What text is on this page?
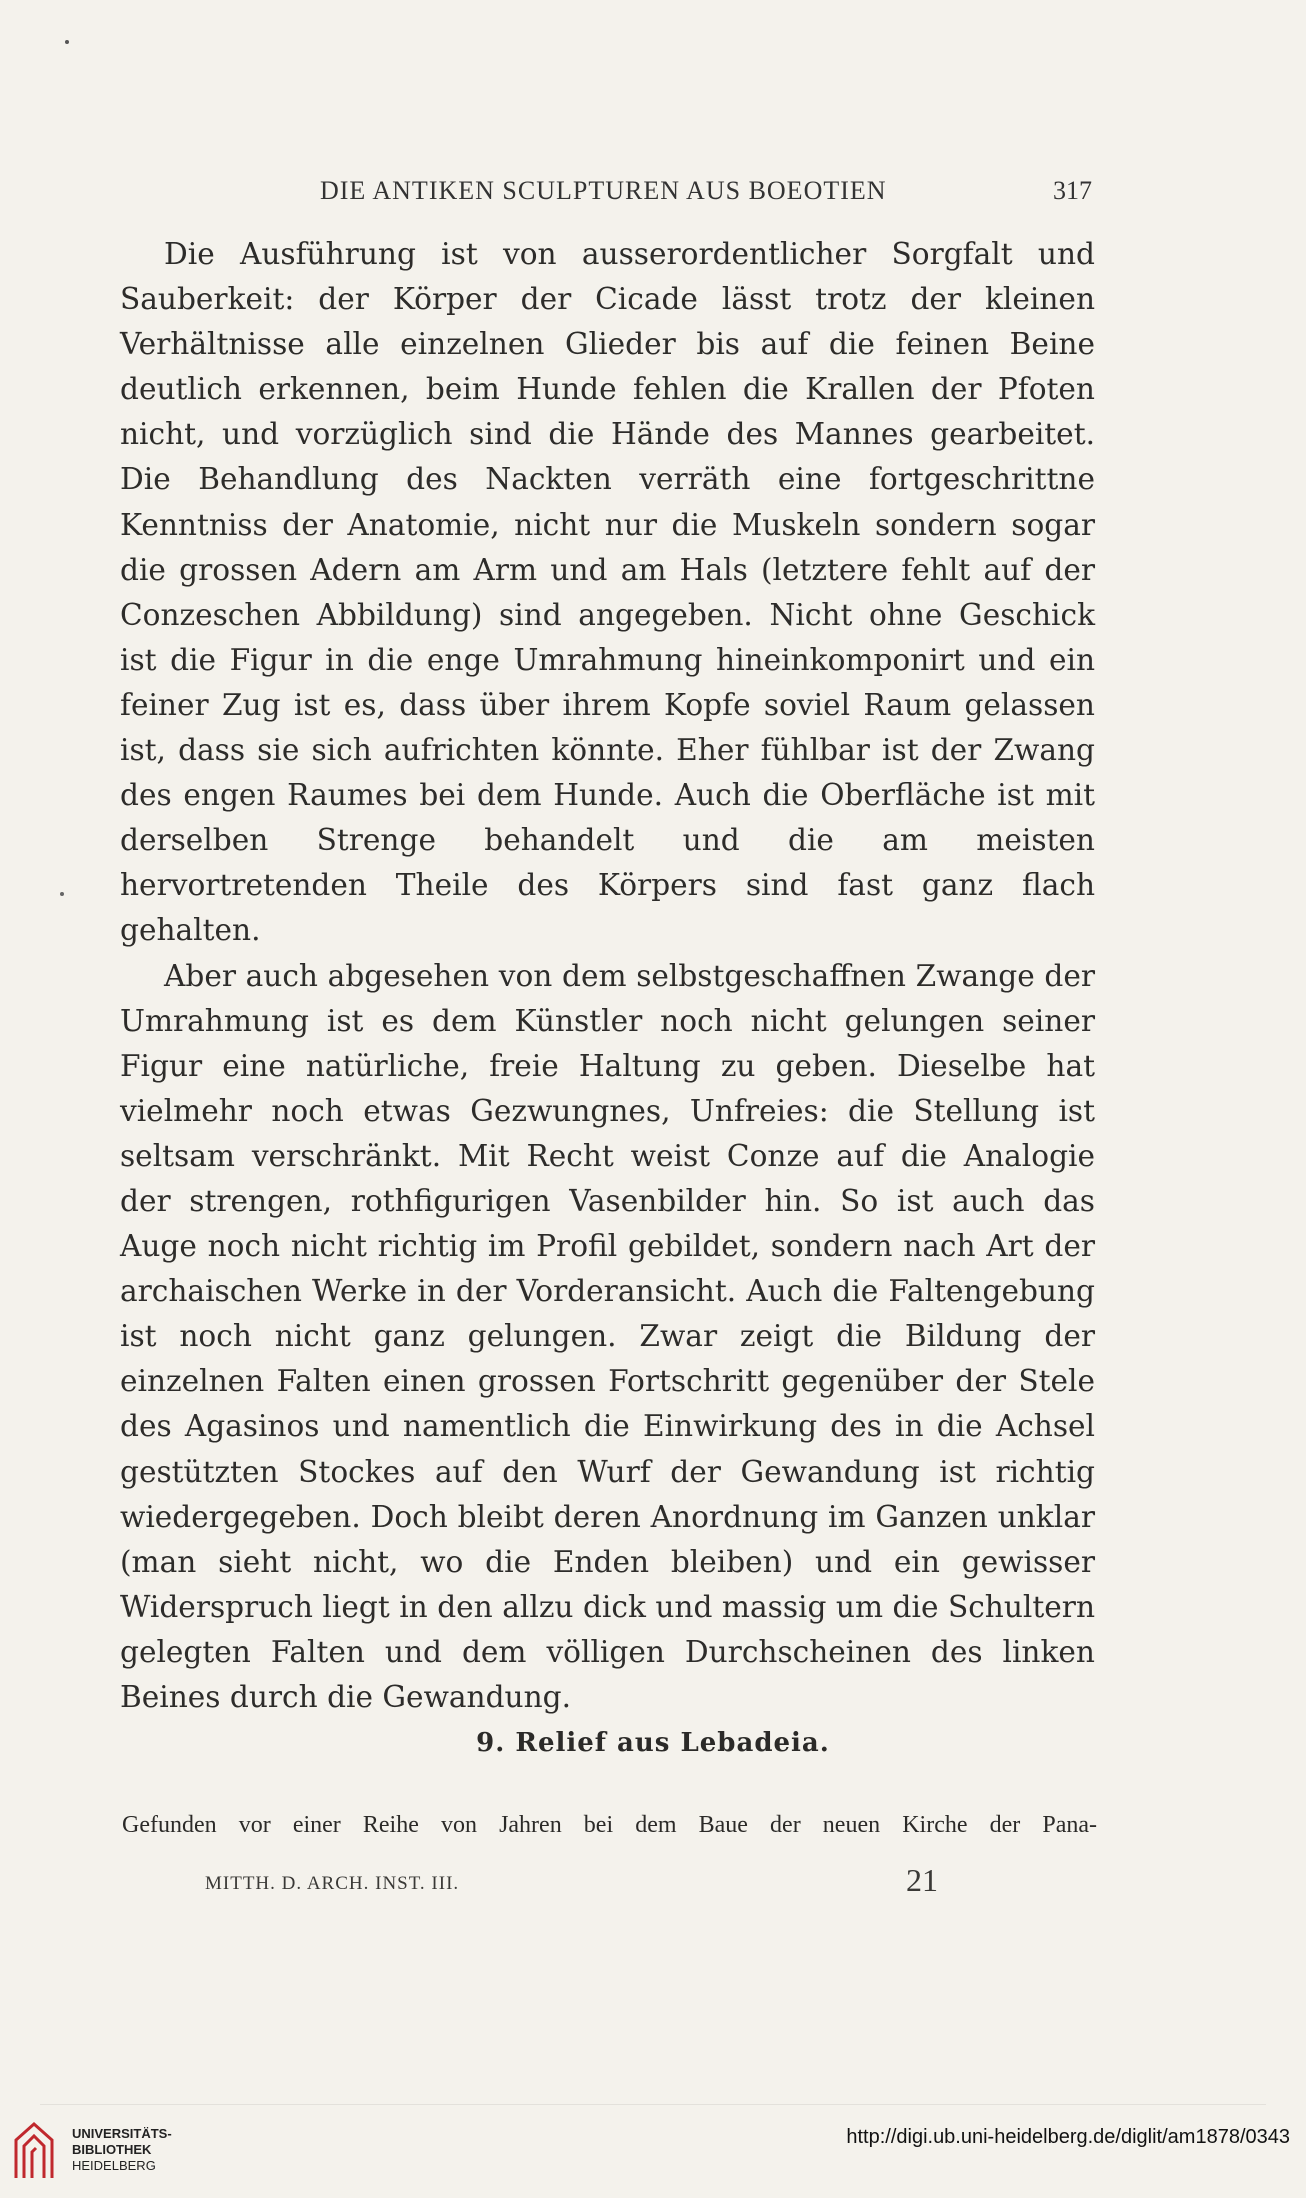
DIE ANTIKEN SCULPTUREN AUS BOEOTIEN	317

Die Ausführung ist von ausserordentlicher Sorgfalt und Sauberkeit: der Körper der Cicade lässt trotz der kleinen Verhältnisse alle einzelnen Glieder bis auf die feinen Beine deutlich erkennen, beim Hunde fehlen die Krallen der Pfoten nicht, und vorzüglich sind die Hände des Mannes gearbeitet. Die Behandlung des Nackten verräth eine fortgeschrittne Kenntniss der Anatomie, nicht nur die Muskeln sondern sogar die grossen Adern am Arm und am Hals (letztere fehlt auf der Conzeschen Abbildung) sind angegeben. Nicht ohne Geschick ist die Figur in die enge Umrahmung hineinkomponirt und ein feiner Zug ist es, dass über ihrem Kopfe soviel Raum gelassen ist, dass sie sich aufrichten könnte. Eher fühlbar ist der Zwang des engen Raumes bei dem Hunde. Auch die Oberfläche ist mit derselben Strenge behandelt und die am meisten hervortretenden Theile des Körpers sind fast ganz flach gehalten.

Aber auch abgesehen von dem selbstgeschaffnen Zwange der Umrahmung ist es dem Künstler noch nicht gelungen seiner Figur eine natürliche, freie Haltung zu geben. Dieselbe hat vielmehr noch etwas Gezwungnes, Unfreies: die Stellung ist seltsam verschränkt. Mit Recht weist Conze auf die Analogie der strengen, rothfigurigen Vasenbilder hin. So ist auch das Auge noch nicht richtig im Profil gebildet, sondern nach Art der archaischen Werke in der Vorderansicht. Auch die Faltengebung ist noch nicht ganz gelungen. Zwar zeigt die Bildung der einzelnen Falten einen grossen Fortschritt gegenüber der Stele des Agasinos und namentlich die Einwirkung des in die Achsel gestützten Stockes auf den Wurf der Gewandung ist richtig wiedergegeben. Doch bleibt deren Anordnung im Ganzen unklar (man sieht nicht, wo die Enden bleiben) und ein gewisser Widerspruch liegt in den allzu dick und massig um die Schultern gelegten Falten und dem völligen Durchscheinen des linken Beines durch die Gewandung.

9. Relief aus Lebadeia.
Gefunden vor einer Reihe von Jahren bei dem Baue der neuen Kirche der Pana-
MITTH. D. ARCH. INST. III.	21
UNIVERSITÄTS-
BIBLIOTHEK
HEIDELBERG
http://digi.ub.uni-heidelberg.de/diglit/am1878/0343
